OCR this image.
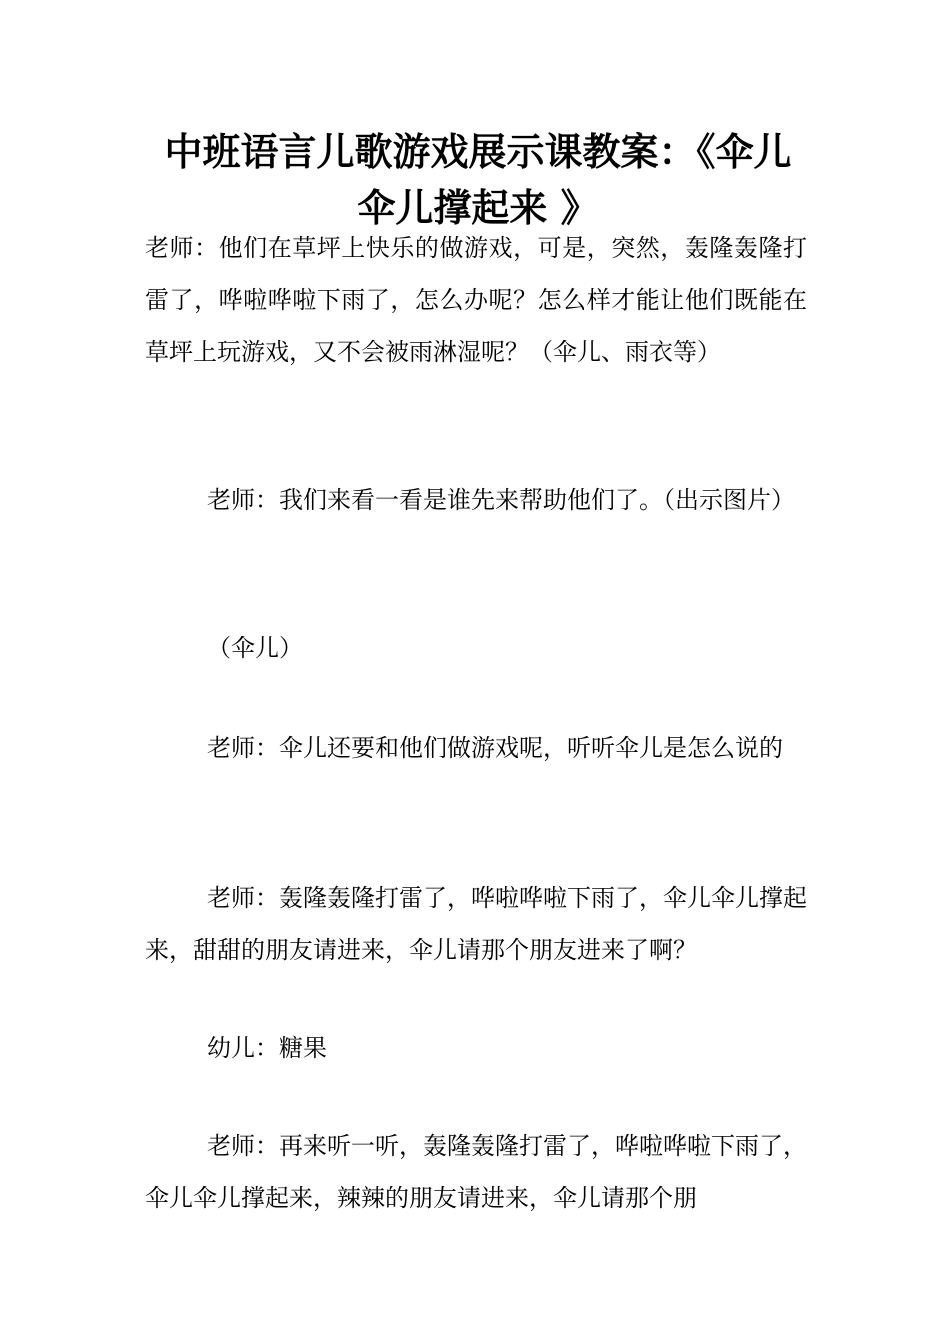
中班语言儿歌游戏展示课教案：《伞儿
伞儿撑起来 》

老师：他们在草坪上快乐的做游戏，可是，突然，轰隆轰隆打雷了，哗啦哗啦下雨了，怎么办呢？怎么样才能让他们既能在草坪上玩游戏，又不会被雨淋湿呢？（伞儿、雨衣等）

老师：我们来看一看是谁先来帮助他们了。（出示图片）

（伞儿）

老师：伞儿还要和他们做游戏呢，听听伞儿是怎么说的

老师：轰隆轰隆打雷了，哗啦哗啦下雨了，伞儿伞儿撑起来，甜甜的朋友请进来，伞儿请那个朋友进来了啊？

幼儿：糖果

老师：再来听一听，轰隆轰隆打雷了，哗啦哗啦下雨了，伞儿伞儿撑起来，辣辣的朋友请进来，伞儿请那个朋
